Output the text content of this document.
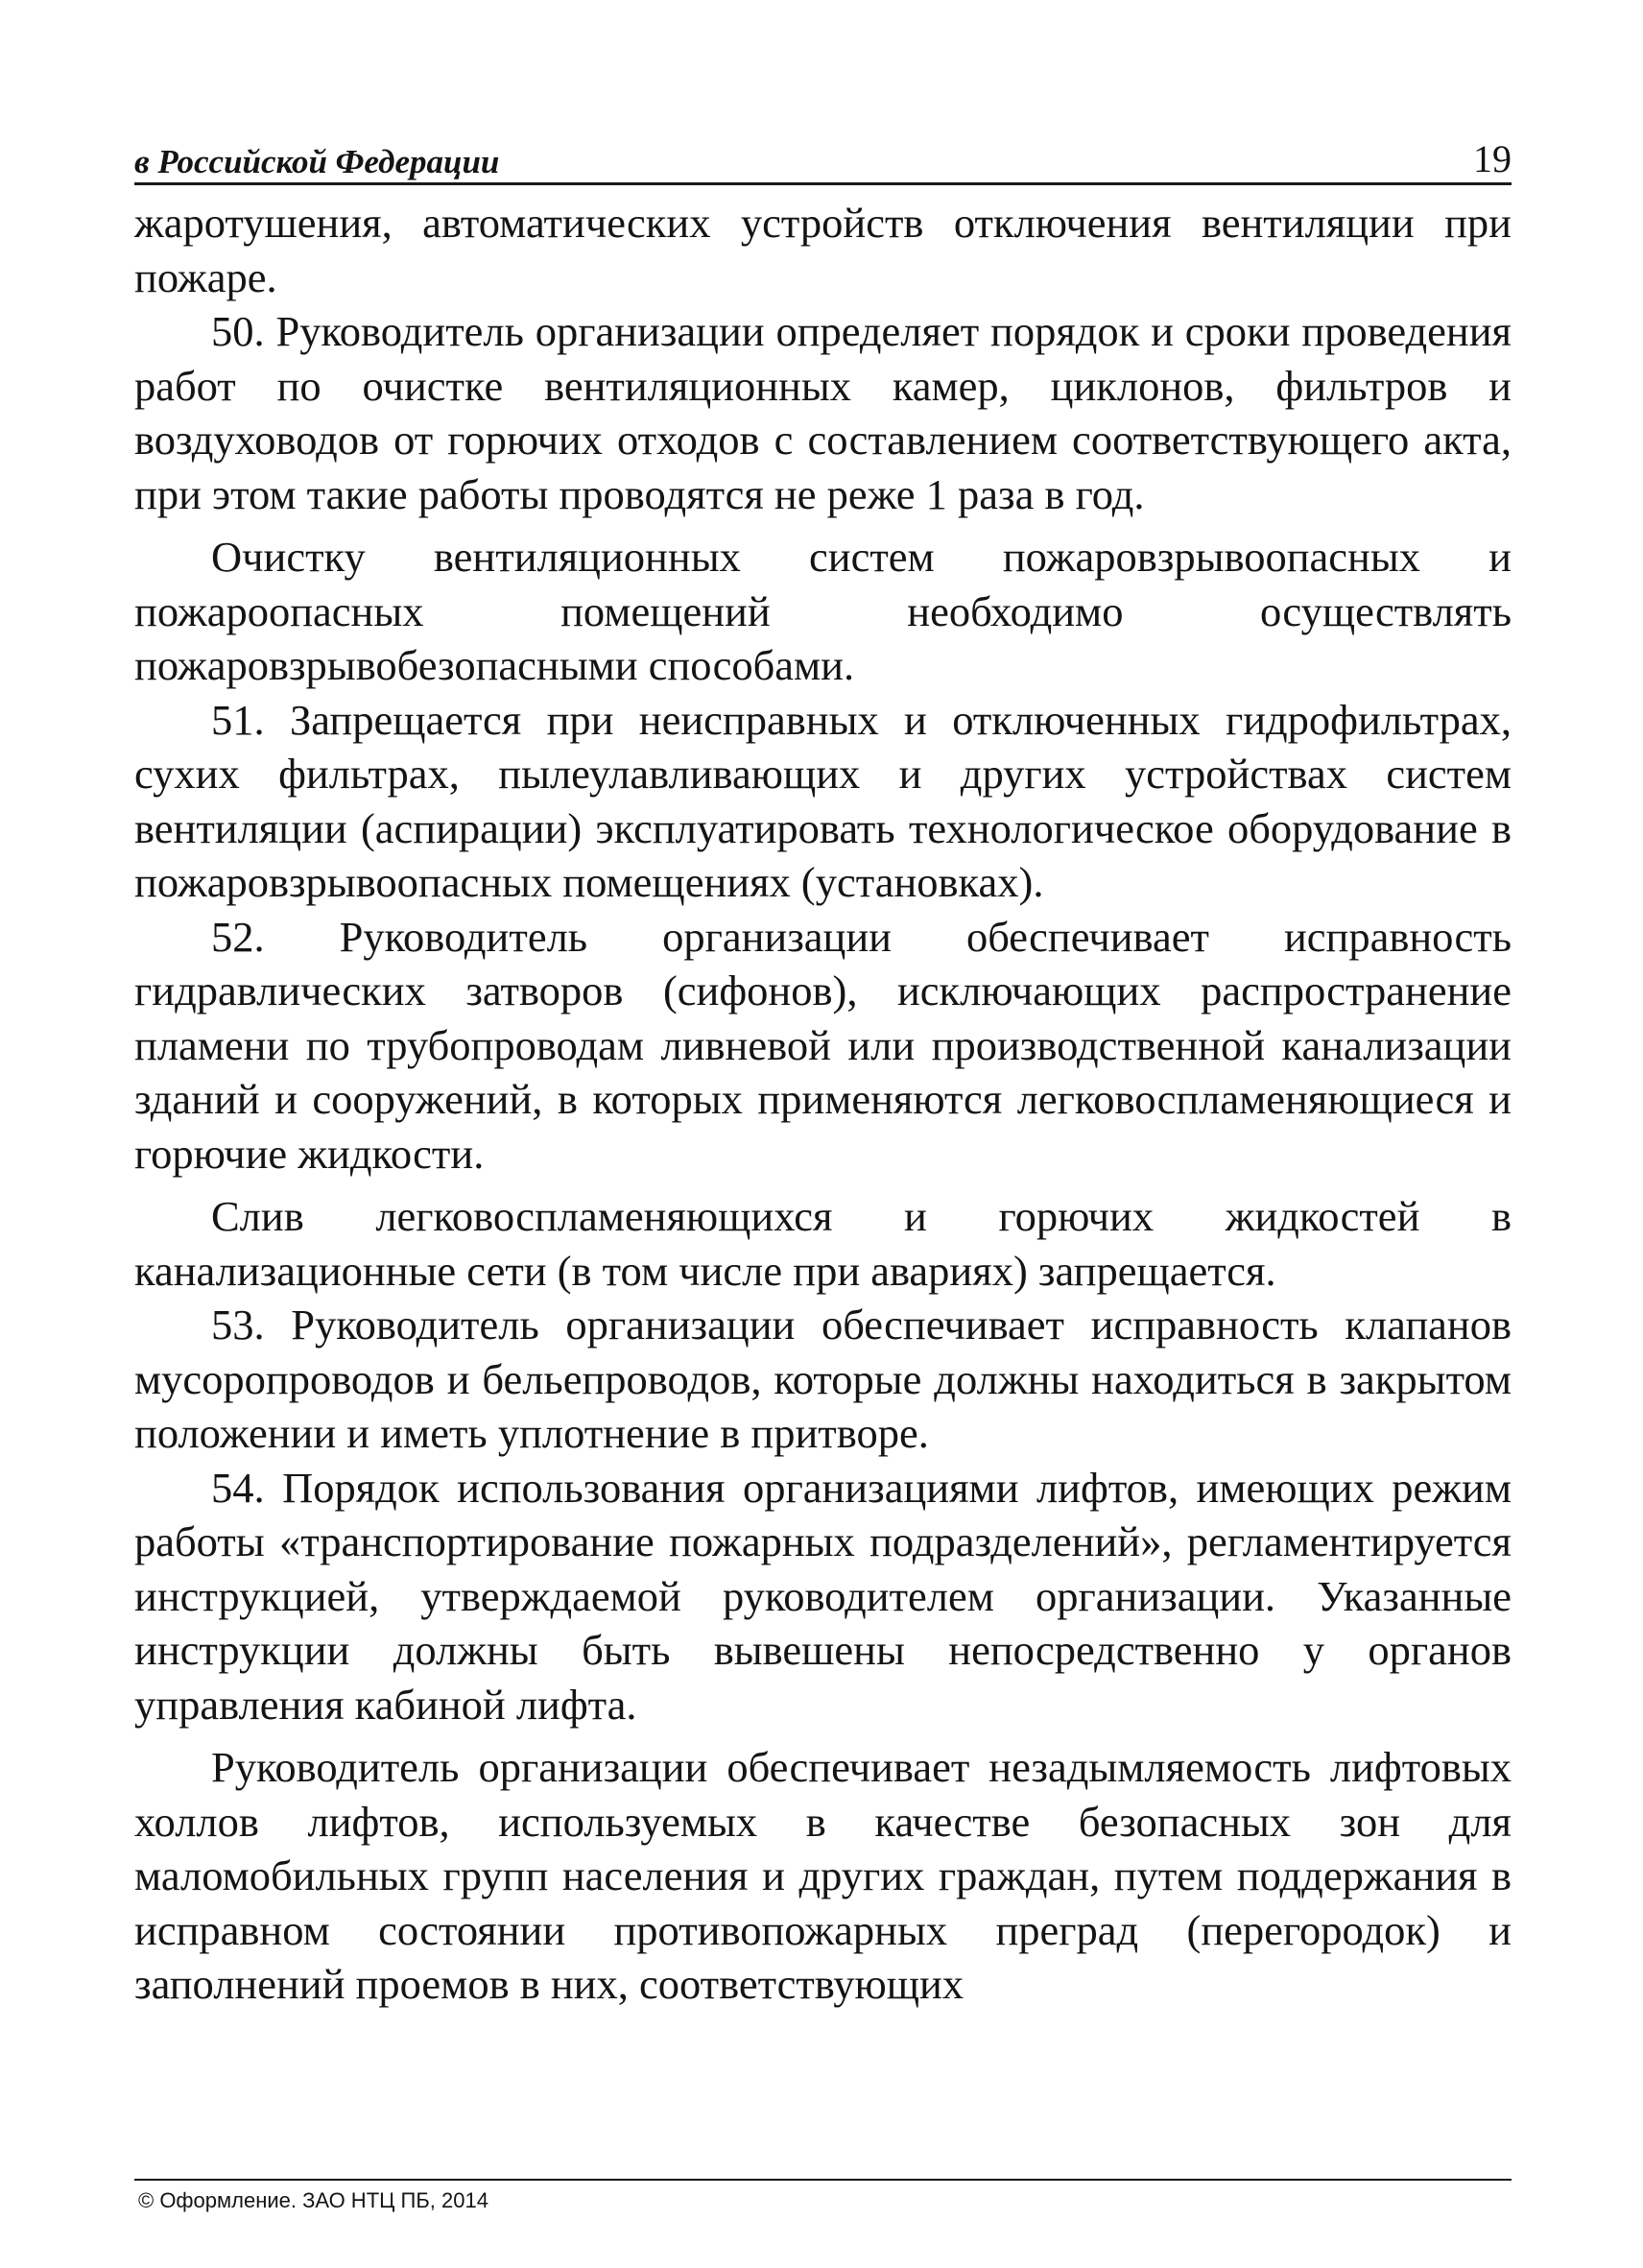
в Российской Федерации	19

жаротушения, автоматических устройств отключения вентиляции при пожаре.

50. Руководитель организации определяет порядок и сроки проведения работ по очистке вентиляционных камер, циклонов, фильтров и воздуховодов от горючих отходов с составлением соответствующего акта, при этом такие работы проводятся не реже 1 раза в год.

Очистку вентиляционных систем пожаровзрывоопасных и пожароопасных помещений необходимо осуществлять пожаровзрывобезопасными способами.

51. Запрещается при неисправных и отключенных гидрофильтрах, сухих фильтрах, пылеулавливающих и других устройствах систем вентиляции (аспирации) эксплуатировать технологическое оборудование в пожаровзрывоопасных помещениях (установках).

52. Руководитель организации обеспечивает исправность гидравлических затворов (сифонов), исключающих распространение пламени по трубопроводам ливневой или производственной канализации зданий и сооружений, в которых применяются легковоспламеняющиеся и горючие жидкости.

Слив легковоспламеняющихся и горючих жидкостей в канализационные сети (в том числе при авариях) запрещается.

53. Руководитель организации обеспечивает исправность клапанов мусоропроводов и бельепроводов, которые должны находиться в закрытом положении и иметь уплотнение в притворе.

54. Порядок использования организациями лифтов, имеющих режим работы «транспортирование пожарных подразделений», регламентируется инструкцией, утверждаемой руководителем организации. Указанные инструкции должны быть вывешены непосредственно у органов управления кабиной лифта.

Руководитель организации обеспечивает незадымляемость лифтовых холлов лифтов, используемых в качестве безопасных зон для маломобильных групп населения и других граждан, путем поддержания в исправном состоянии противопожарных преград (перегородок) и заполнений проемов в них, соответствующих

© Оформление. ЗАО НТЦ ПБ, 2014
